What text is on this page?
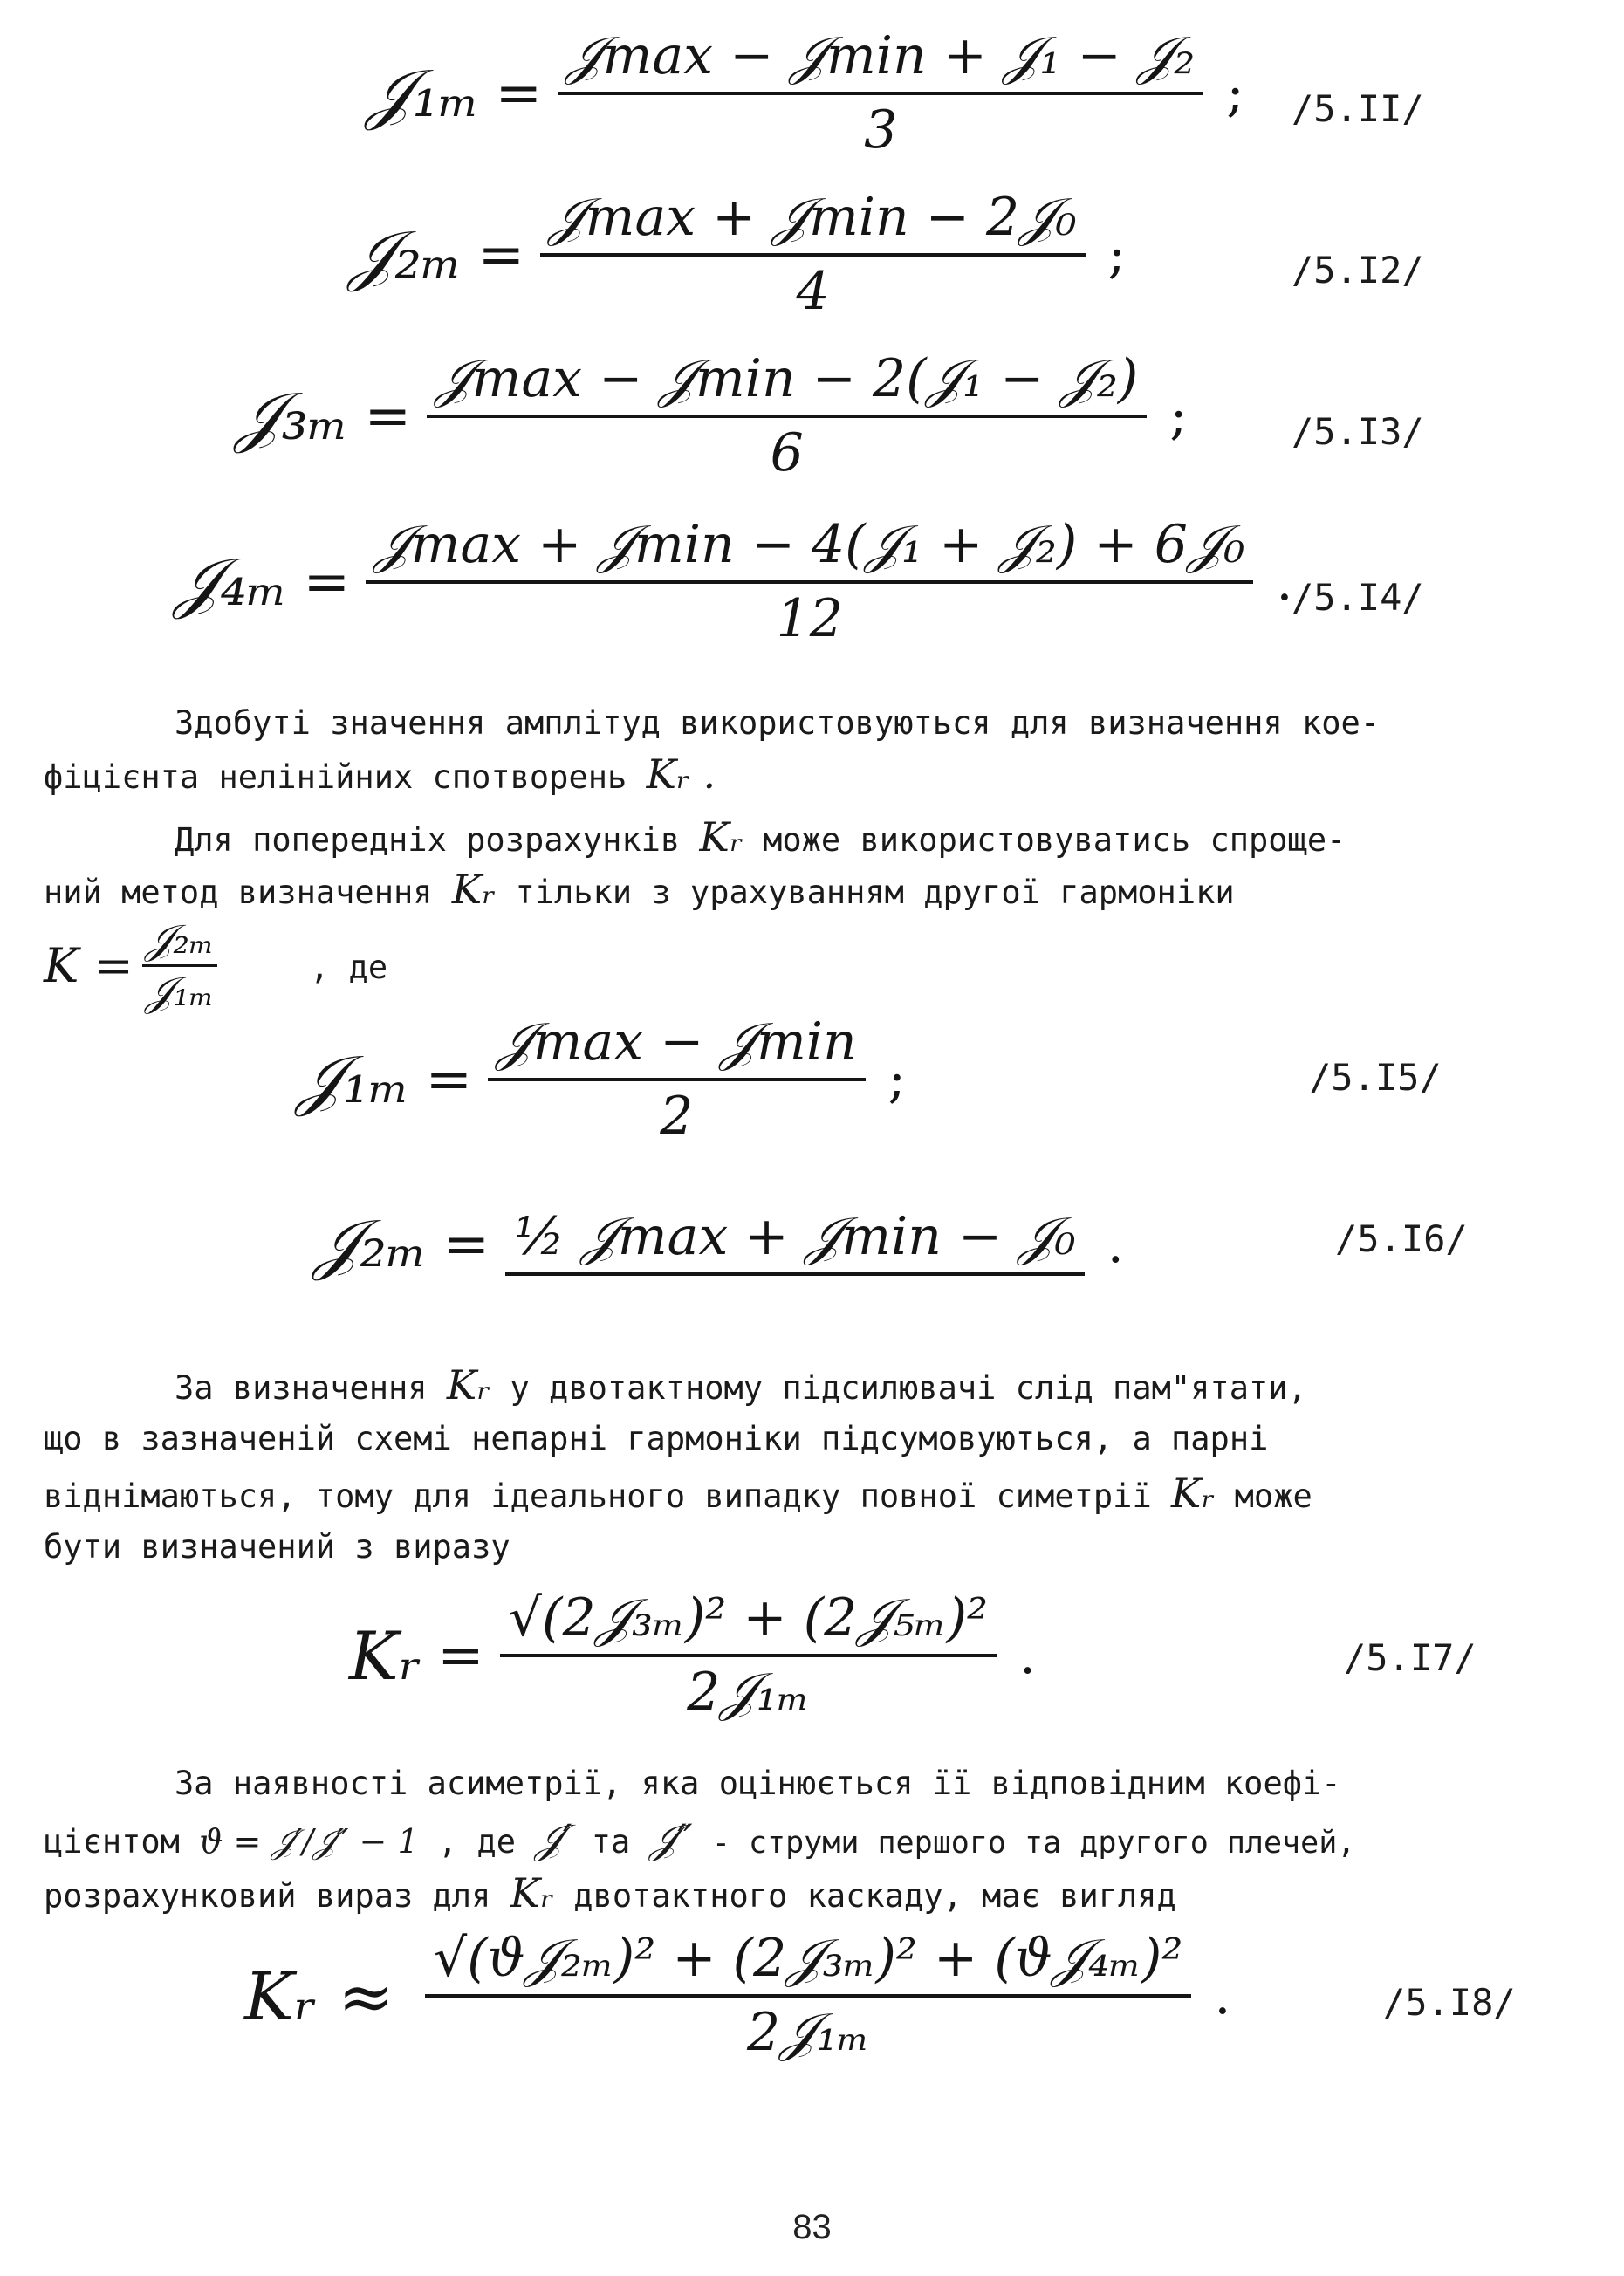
𝒥₁ₘ = $\frac{\text{𝒥max − 𝒥min + 𝒥₁ − 𝒥₂}}{3}$ ; /5.II/
𝒥₂ₘ = $\frac{\text{𝒥max + 𝒥min − 2𝒥₀}}{4}$ ;	/5.I2/
𝒥₃ₘ = $\frac{\text{𝒥max − 𝒥min − 2(𝒥₁ − 𝒥₂)}}{6}$ ;	/5.I3/
𝒥₄ₘ = $\frac{\text{𝒥max + 𝒥min − 4(𝒥₁ + 𝒥₂) + 6𝒥₀}}{12}$ .
/5.I4/
Здобуті значення амплітуд використовуються для визначення кое-
фіцієнта нелінійних спотворень Kᵣ .
Для попередніх розрахунків Kᵣ може використовуватись спроще-
ний метод визначення Kᵣ тільки з урахуванням другої гармоніки
$K = \frac{\text{𝒥₂ₘ}}{\text{𝒥₁ₘ}}$	, де
𝒥₁ₘ = $\frac{\text{𝒥max − 𝒥min}}{2}$ ;	/5.I5/
𝒥₂ₘ = ½ 𝒥max + 𝒥min − 𝒥₀ .	/5.I6/
За визначення Kᵣ у двотактному підсилювачі слід пам"ятати,
що в зазначеній схемі непарні гармоніки підсумовуються, а парні
віднімаються, тому для ідеального випадку повної симетрії Kᵣ може
бути визначений з виразу
Kᵣ = $\frac{\text{√(2𝒥₃ₘ)² + (2𝒥₅ₘ)²}}{\text{2𝒥₁ₘ}}$ .	/5.I7/
За наявності асиметрії, яка оцінюється її відповідним коефі-
цієнтом ϑ = 𝒥′/𝒥″ − 1 , де 𝒥′ та 𝒥″ - струми першого та другого плечей,
розрахунковий вираз для Kᵣ двотактного каскаду, має вигляд
Kᵣ ≈ $\frac{\text{√(ϑ𝒥₂ₘ)² + (2𝒥₃ₘ)² + (ϑ𝒥₄ₘ)²}}{\text{2𝒥₁ₘ}}$ .	/5.I8/
83
